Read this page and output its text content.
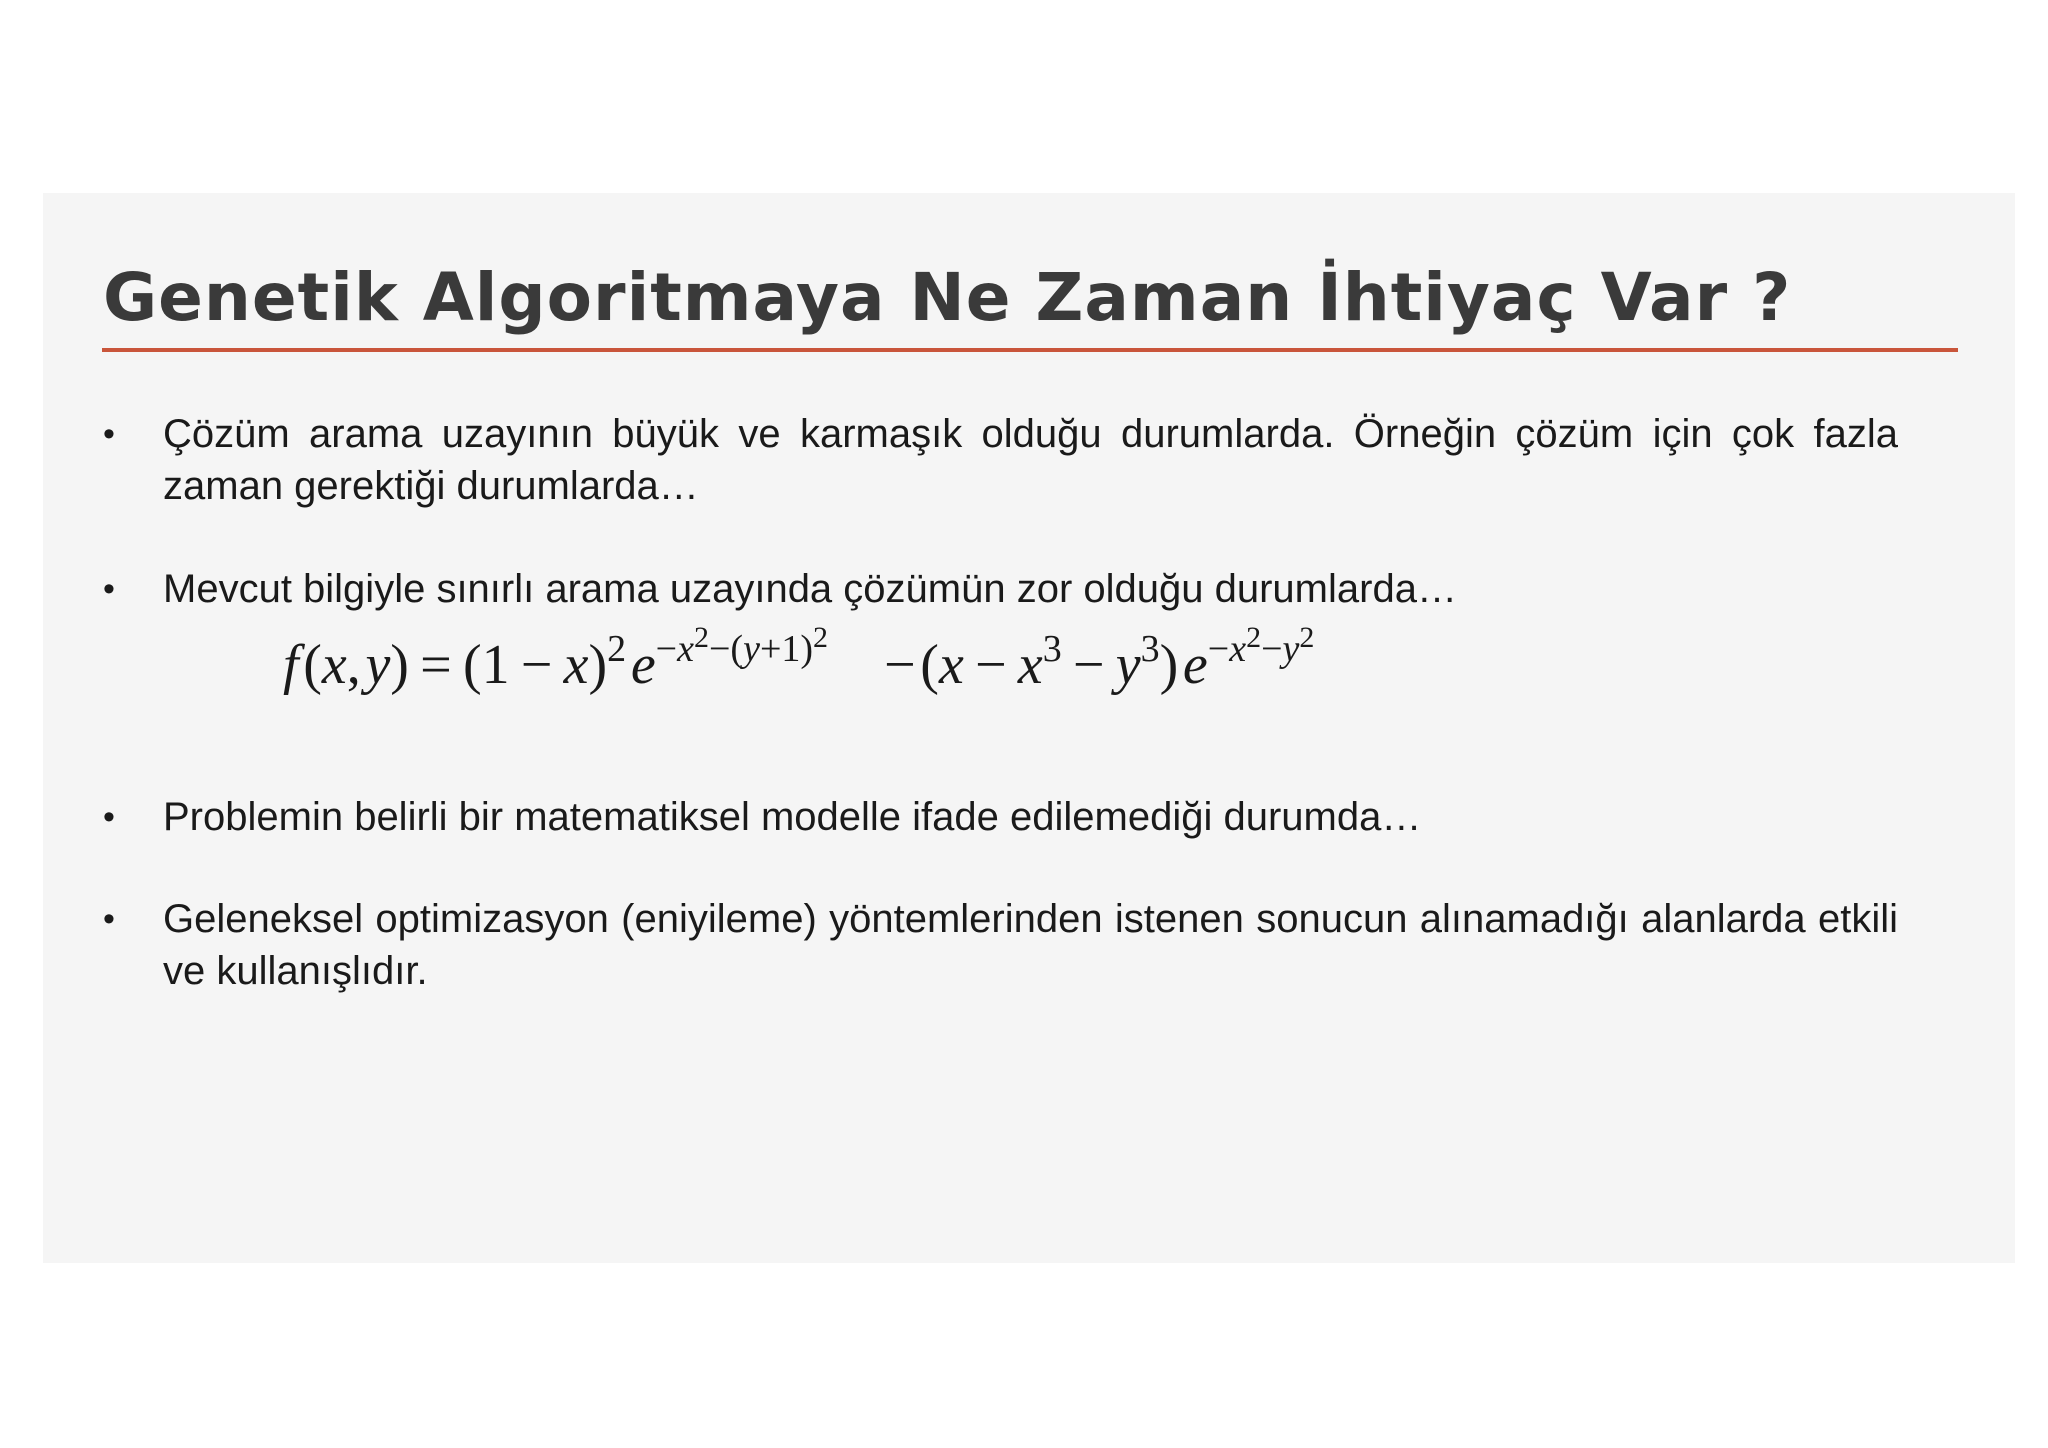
Genetik Algoritmaya Ne Zaman İhtiyaç Var ?
•	Çözüm arama uzayının büyük ve karmaşık olduğu durumlarda. Örneğin çözüm için çok fazla zaman gerektiği durumlarda…
•	Mevcut bilgiyle sınırlı arama uzayında çözümün zor olduğu durumlarda…
f (x, $y) = (1 - x)^2$ $e^{-x^2-(y+1)^2}$ − $(x - x^3 - y^3)$ $e^{-x^2-y^2}$
•	Problemin belirli bir matematiksel modelle ifade edilemediği durumda…
•	Geleneksel optimizasyon (eniyileme) yöntemlerinden istenen sonucun alınamadığı alanlarda etkili ve kullanışlıdır.
